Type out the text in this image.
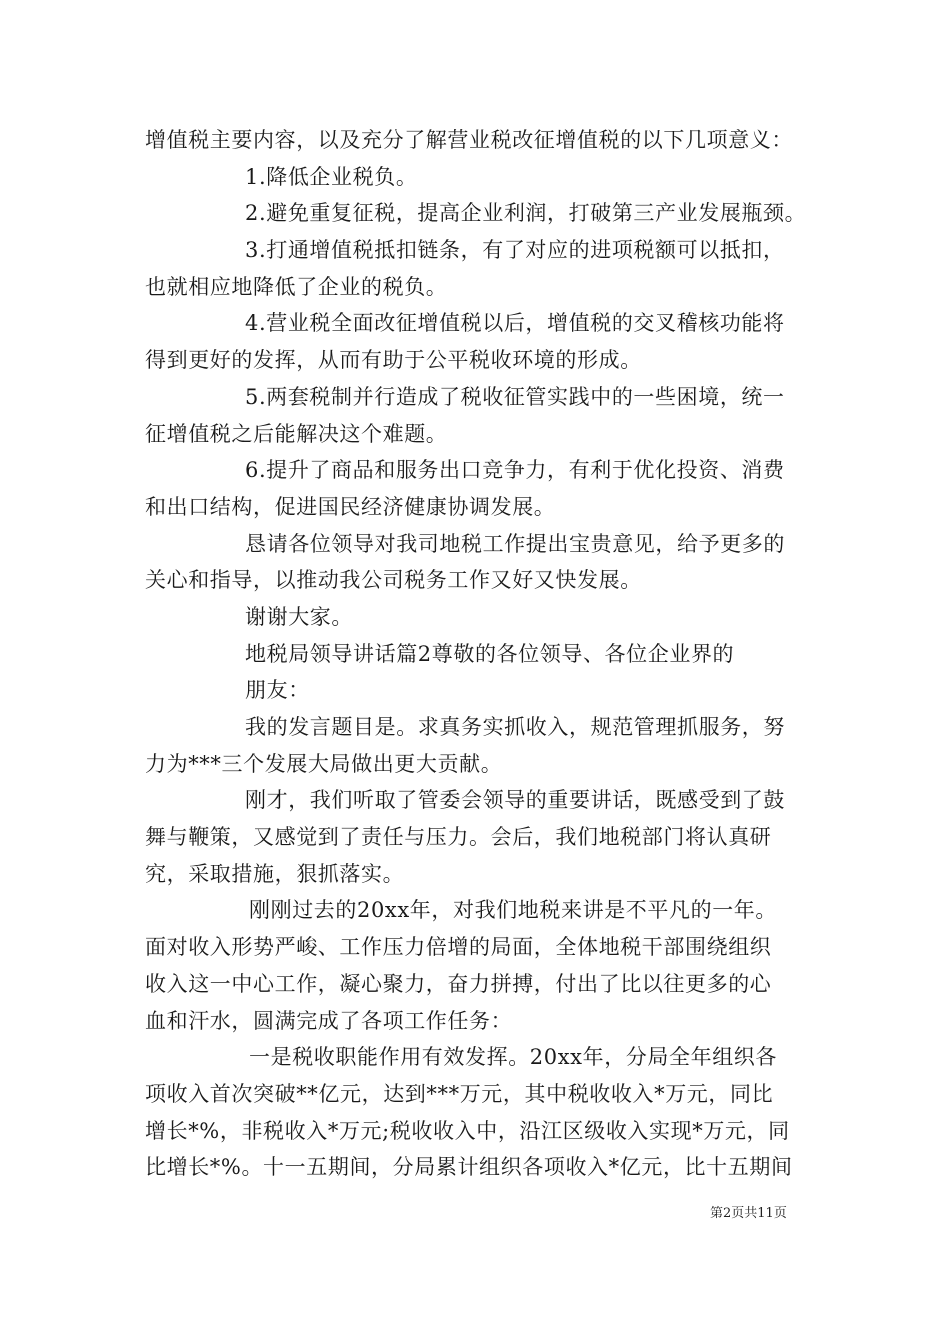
增值税主要内容，以及充分了解营业税改征增值税的以下几项意义：
1.降低企业税负。
2.避免重复征税，提高企业利润，打破第三产业发展瓶颈。
3.打通增值税抵扣链条，有了对应的进项税额可以抵扣，
也就相应地降低了企业的税负。
4.营业税全面改征增值税以后，增值税的交叉稽核功能将
得到更好的发挥，从而有助于公平税收环境的形成。
5.两套税制并行造成了税收征管实践中的一些困境，统一
征增值税之后能解决这个难题。
6.提升了商品和服务出口竞争力，有利于优化投资、消费
和出口结构，促进国民经济健康协调发展。
恳请各位领导对我司地税工作提出宝贵意见，给予更多的
关心和指导，以推动我公司税务工作又好又快发展。
谢谢大家。
地税局领导讲话篇2尊敬的各位领导、各位企业界的
朋友：
我的发言题目是。求真务实抓收入，规范管理抓服务，努
力为***三个发展大局做出更大贡献。
刚才，我们听取了管委会领导的重要讲话，既感受到了鼓
舞与鞭策，又感觉到了责任与压力。会后，我们地税部门将认真研
究，采取措施，狠抓落实。
刚刚过去的20xx年，对我们地税来讲是不平凡的一年。
面对收入形势严峻、工作压力倍增的局面，全体地税干部围绕组织
收入这一中心工作，凝心聚力，奋力拼搏，付出了比以往更多的心
血和汗水，圆满完成了各项工作任务：
一是税收职能作用有效发挥。20xx年，分局全年组织各
项收入首次突破**亿元，达到***万元，其中税收收入*万元，同比
增长*%，非税收入*万元;税收收入中，沿江区级收入实现*万元，同
比增长*%。十一五期间，分局累计组织各项收入*亿元，比十五期间
第2页共11页
